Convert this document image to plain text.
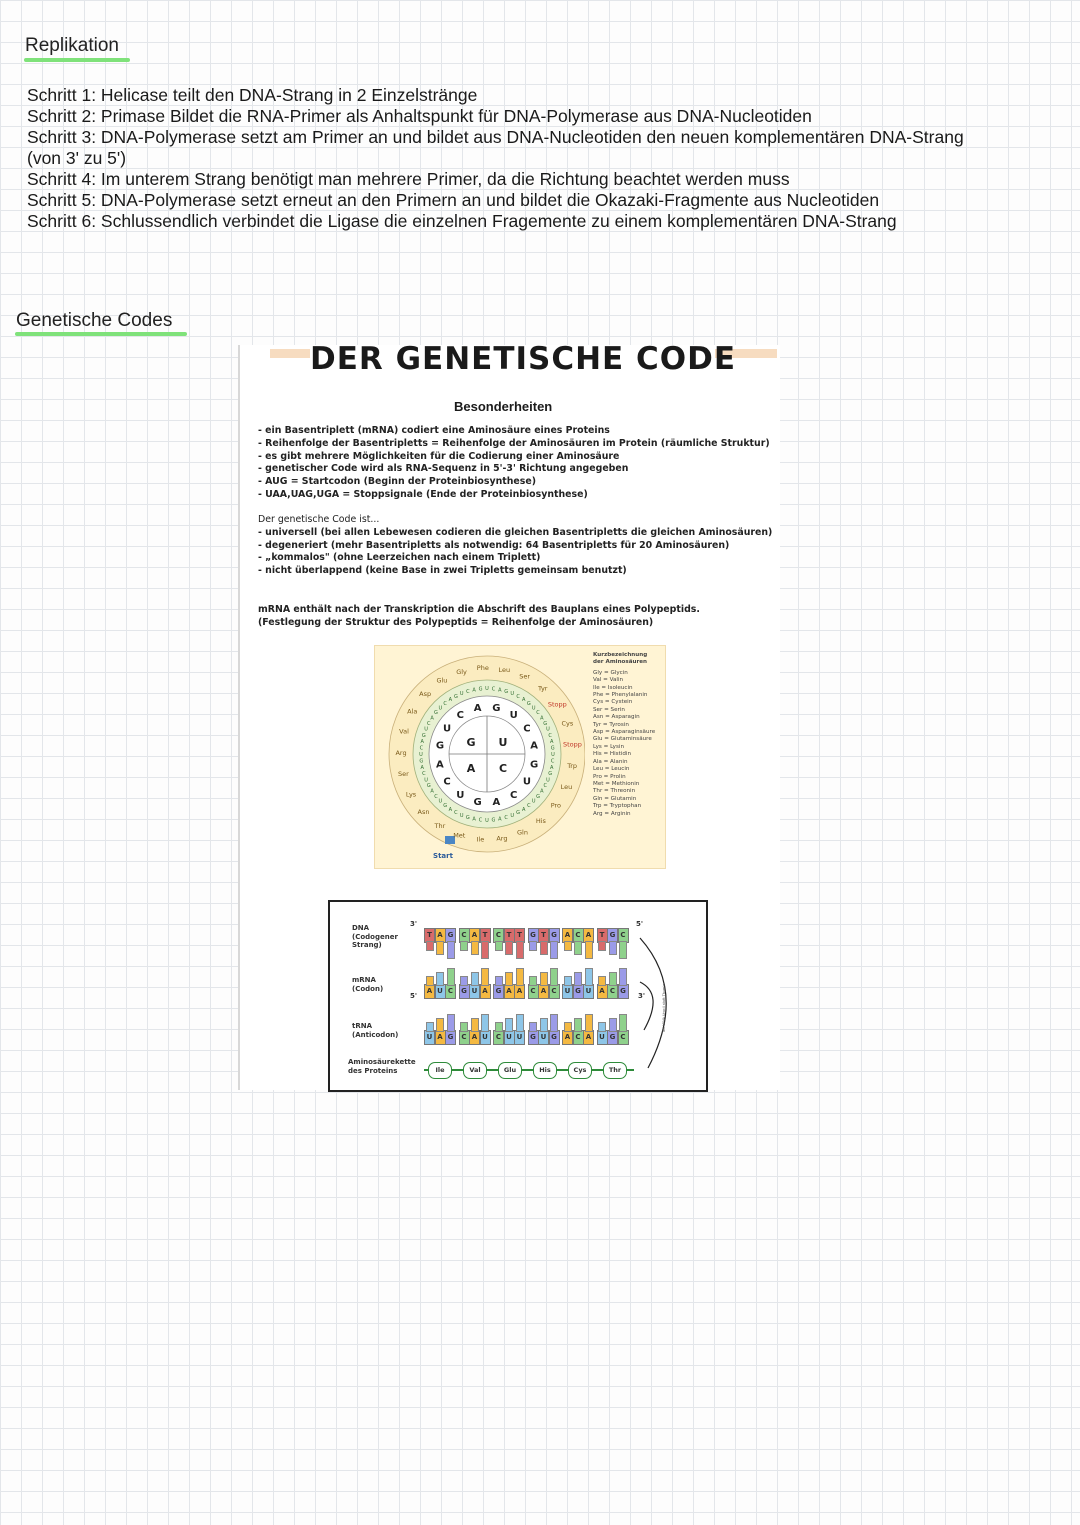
Replikation
Schritt 1: Helicase teilt den DNA-Strang in 2 Einzelstränge
Schritt 2: Primase Bildet die RNA-Primer als Anhaltspunkt für DNA-Polymerase aus DNA-Nucleotiden
Schritt 3: DNA-Polymerase setzt am Primer an und bildet aus DNA-Nucleotiden den neuen komplementären DNA-Strang
(von 3' zu 5')
Schritt 4: Im unterem Strang benötigt man mehrere Primer, da die Richtung beachtet werden muss
Schritt 5: DNA-Polymerase setzt erneut an den Primern an und bildet die Okazaki-Fragmente aus Nucleotiden
Schritt 6: Schlussendlich verbindet die Ligase die einzelnen Fragemente zu einem komplementären DNA-Strang
Genetische Codes
DER GENETISCHE CODE
Besonderheiten
- ein Basentriplett (mRNA) codiert eine Aminosäure eines Proteins
- Reihenfolge der Basentripletts = Reihenfolge der Aminosäuren im Protein (räumliche Struktur)
- es gibt mehrere Möglichkeiten für die Codierung einer Aminosäure
- genetischer Code wird als RNA-Sequenz in 5'-3' Richtung angegeben
- AUG = Startcodon (Beginn der Proteinbiosynthese)
- UAA,UAG,UGA = Stoppsignale (Ende der Proteinbiosynthese)
Der genetische Code ist...
- universell (bei allen Lebewesen codieren die gleichen Basentripletts die gleichen Aminosäuren)
- degeneriert (mehr Basentripletts als notwendig: 64 Basentripletts für 20 Aminosäuren)
- „kommalos" (ohne Leerzeichen nach einem Triplett)
- nicht überlappend (keine Base in zwei Tripletts gemeinsam benutzt)
mRNA enthält nach der Transkription die Abschrift des Bauplans eines Polypeptids.
(Festlegung der Struktur des Polypeptids = Reihenfolge der Aminosäuren)
G
A
U
C
A G
U
C
A
G
U
C
A
G
U
C
A
G
U
C
U C A G U C
A
G
U
C
A
G
U
C
A
G
U
C
A
G
U
C
A
G
U
C
A
G
U
C
A
G
U
C
A
G
U
C
A
G
U
C
A
G
U
C
A
G
U
C
A
G
U
C
A
G
U
C
A
G U C A G
Gly Phe Leu
Ser
Tyr
Stopp
Cys
Stopp
Trp
Leu
Pro
His
Gln
Arg
Ile
Met
Thr
Asn
Lys
Ser
Arg
Val
Ala
Asp
Glu
Start
Kurzbezeichnung der Aminosäuren
Gly = Glycin
Val = Valin
Ile = Isoleucin
Phe = Phenylalanin
Cys = Cystein
Ser = Serin
Asn = Asparagin
Tyr = Tyrosin
Asp = Asparaginsäure
Glu = Glutaminsäure
Lys = Lysin
His = Histidin
Ala = Alanin
Leu = Leucin
Pro = Prolin
Met = Methionin
Thr = Threonin
Gln = Glutamin
Trp = Tryptophan
Arg = Arginin
DNA (Codogener Strang)
mRNA (Codon)
tRNA (Anticodon)
Aminosäurekette des Proteins
3'	5'
5'	3'
T A G	C A T	C T T	G T G	A C A	T G C
A U C	G U A	G A A	C A C	U G U	A C G
U A G	C A U	C U U	G U G	A C A	U G C
Ile	Val	Glu	His	Cys	Thr
Bei tRNA Uracil statt Thymin
